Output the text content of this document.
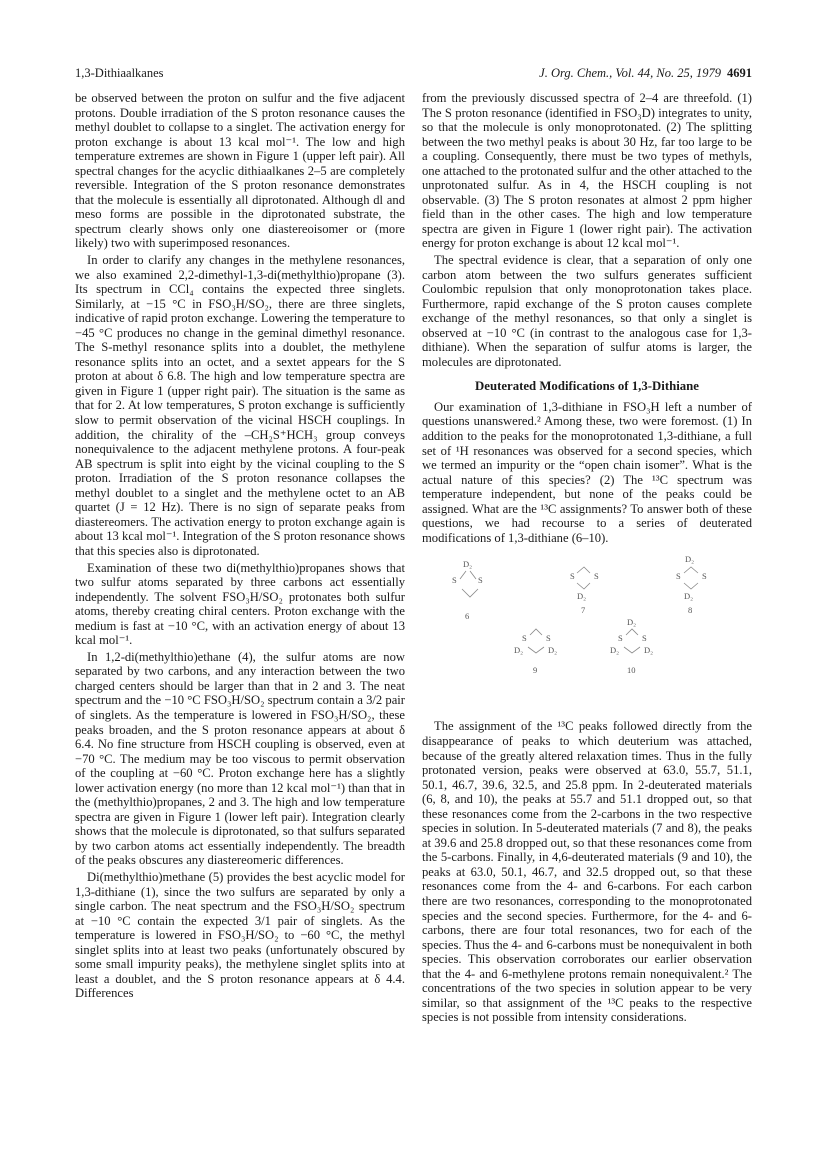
1,3-Dithiaalkanes	J. Org. Chem., Vol. 44, No. 25, 1979 4691

be observed between the proton on sulfur and the five adjacent protons. Double irradiation of the S proton resonance causes the methyl doublet to collapse to a singlet. The activation energy for proton exchange is about 13 kcal mol⁻¹. The low and high temperature extremes are shown in Figure 1 (upper left pair). All spectral changes for the acyclic dithiaalkanes 2–5 are completely reversible. Integration of the S proton resonance demonstrates that the molecule is essentially all diprotonated. Although dl and meso forms are possible in the diprotonated substrate, the spectrum clearly shows only one diastereoisomer or (more likely) two with superimposed resonances.

In order to clarify any changes in the methylene resonances, we also examined 2,2-dimethyl-1,3-di(methylthio)propane (3). Its spectrum in CCl₄ contains the expected three singlets. Similarly, at −15 °C in FSO₃H/SO₂, there are three singlets, indicative of rapid proton exchange. Lowering the temperature to −45 °C produces no change in the geminal dimethyl resonance. The S-methyl resonance splits into a doublet, the methylene resonance splits into an octet, and a sextet appears for the S proton at about δ 6.8. The high and low temperature spectra are given in Figure 1 (upper right pair). The situation is the same as that for 2. At low temperatures, S proton exchange is sufficiently slow to permit observation of the vicinal HSCH couplings. In addition, the chirality of the –CH₂S⁺HCH₃ group conveys nonequivalence to the adjacent methylene protons. A four-peak AB spectrum is split into eight by the vicinal coupling to the S proton. Irradiation of the S proton resonance collapses the methyl doublet to a singlet and the methylene octet to an AB quartet (J = 12 Hz). There is no sign of separate peaks from diastereomers. The activation energy to proton exchange again is about 13 kcal mol⁻¹. Integration of the S proton resonance shows that this species also is diprotonated.

Examination of these two di(methylthio)propanes shows that two sulfur atoms separated by three carbons act essentially independently. The solvent FSO₃H/SO₂ protonates both sulfur atoms, thereby creating chiral centers. Proton exchange with the medium is fast at −10 °C, with an activation energy of about 13 kcal mol⁻¹.

In 1,2-di(methylthio)ethane (4), the sulfur atoms are now separated by two carbons, and any interaction between the two charged centers should be larger than that in 2 and 3. The neat spectrum and the −10 °C FSO₃H/SO₂ spectrum contain a 3/2 pair of singlets. As the temperature is lowered in FSO₃H/SO₂, these peaks broaden, and the S proton resonance appears at about δ 6.4. No fine structure from HSCH coupling is observed, even at −70 °C. The medium may be too viscous to permit observation of the coupling at −60 °C. Proton exchange here has a slightly lower activation energy (no more than 12 kcal mol⁻¹) than that in the (methylthio)propanes, 2 and 3. The high and low temperature spectra are given in Figure 1 (lower left pair). Integration clearly shows that the molecule is diprotonated, so that sulfurs separated by two carbon atoms act essentially independently. The breadth of the peaks obscures any diastereomeric differences.

Di(methylthio)methane (5) provides the best acyclic model for 1,3-dithiane (1), since the two sulfurs are separated by only a single carbon. The neat spectrum and the FSO₃H/SO₂ spectrum at −10 °C contain the expected 3/1 pair of singlets. As the temperature is lowered in FSO₃H/SO₂ to −60 °C, the methyl singlet splits into at least two peaks (unfortunately obscured by some small impurity peaks), the methylene singlet splits into at least a doublet, and the S proton resonance appears at δ 4.4. Differences

from the previously discussed spectra of 2–4 are threefold. (1) The S proton resonance (identified in FSO₃D) integrates to unity, so that the molecule is only monoprotonated. (2) The splitting between the two methyl peaks is about 30 Hz, far too large to be a coupling. Consequently, there must be two types of methyls, one attached to the protonated sulfur and the other attached to the unprotonated sulfur. As in 4, the HSCH coupling is not observable. (3) The S proton resonates at almost 2 ppm higher field than in the other cases. The high and low temperature spectra are given in Figure 1 (lower right pair). The activation energy for proton exchange is about 12 kcal mol⁻¹.

The spectral evidence is clear, that a separation of only one carbon atom between the two sulfurs generates sufficient Coulombic repulsion that only monoprotonation takes place. Furthermore, rapid exchange of the S proton causes complete exchange of the methyl resonances, so that only a singlet is observed at −10 °C (in contrast to the analogous case for 1,3-dithiane). When the separation of sulfur atoms is larger, the molecules are diprotonated.

Deuterated Modifications of 1,3-Dithiane

Our examination of 1,3-dithiane in FSO₃H left a number of questions unanswered.² Among these, two were foremost. (1) In addition to the peaks for the monoprotonated 1,3-dithiane, a full set of ¹H resonances was observed for a second species, which we termed an impurity or the “open chain isomer”. What is the actual nature of this species? (2) The ¹³C spectrum was temperature independent, but none of the peaks could be assigned. What are the ¹³C assignments? To answer both of these questions, we had recourse to a series of deuterated modifications of 1,3-dithiane (6–10).

D₂
S	S
6
S S
D₂
7
D₂
S	S
D₂
8
S S
D₂	D₂
9
D₂
S S
D₂	D₂
10

The assignment of the ¹³C peaks followed directly from the disappearance of peaks to which deuterium was attached, because of the greatly altered relaxation times. Thus in the fully protonated version, peaks were observed at 63.0, 55.7, 51.1, 50.1, 46.7, 39.6, 32.5, and 25.8 ppm. In 2-deuterated materials (6, 8, and 10), the peaks at 55.7 and 51.1 dropped out, so that these resonances come from the 2-carbons in the two respective species in solution. In 5-deuterated materials (7 and 8), the peaks at 39.6 and 25.8 dropped out, so that these resonances come from the 5-carbons. Finally, in 4,6-deuterated materials (9 and 10), the peaks at 63.0, 50.1, 46.7, and 32.5 dropped out, so that these resonances come from the 4- and 6-carbons. For each carbon there are two resonances, corresponding to the monoprotonated species and the second species. Furthermore, for the 4- and 6-carbons, there are four total resonances, two for each of the species. Thus the 4- and 6-carbons must be nonequivalent in both species. This observation corroborates our earlier observation that the 4- and 6-methylene protons remain nonequivalent.² The concentrations of the two species in solution appear to be very similar, so that assignment of the ¹³C peaks to the respective species is not possible from intensity considerations.
